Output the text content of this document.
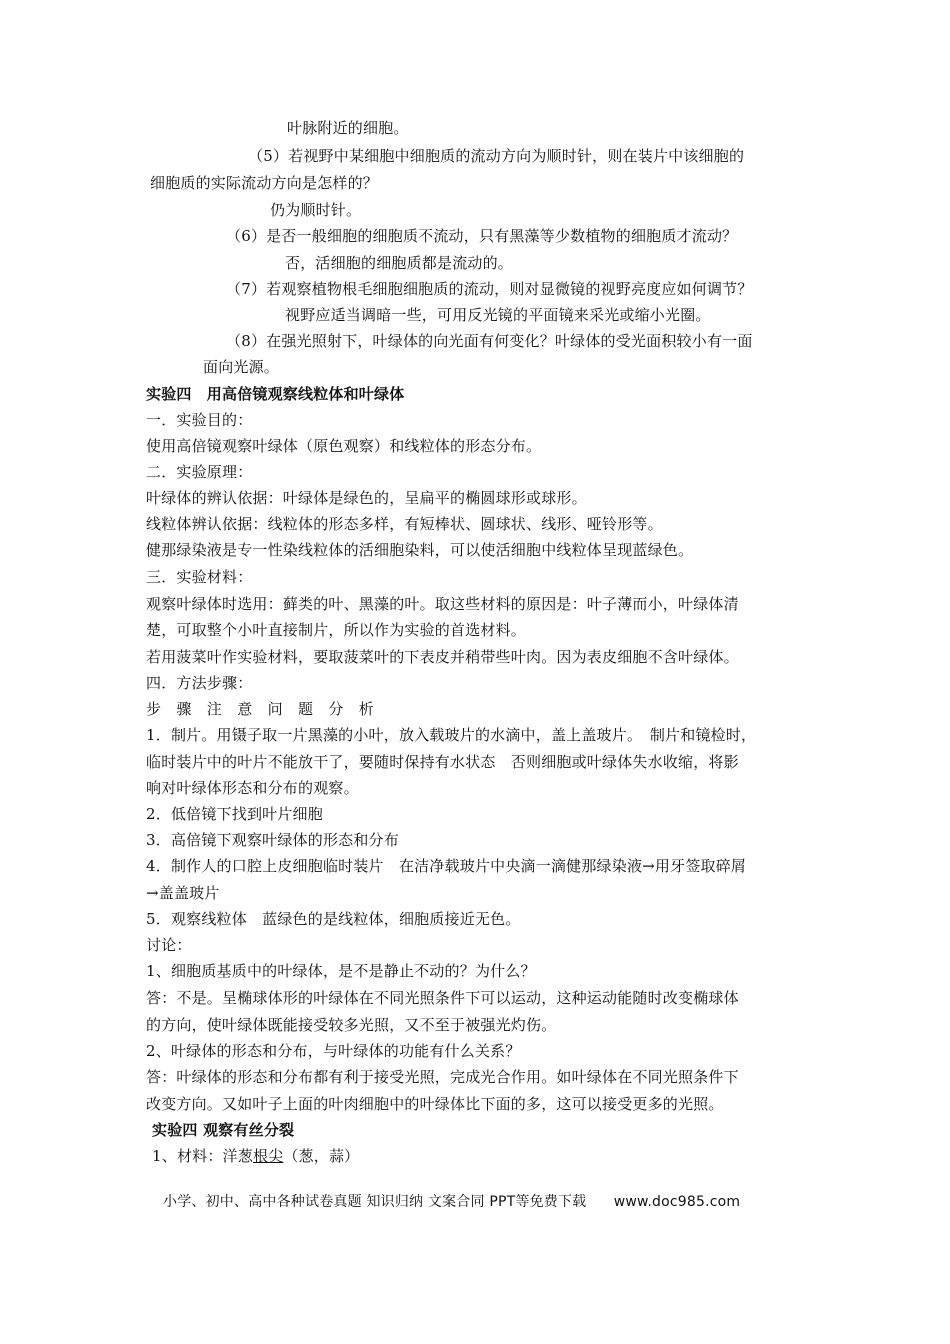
叶脉附近的细胞。
（5）若视野中某细胞中细胞质的流动方向为顺时针，则在装片中该细胞的
细胞质的实际流动方向是怎样的？
仍为顺时针。
（6）是否一般细胞的细胞质不流动，只有黑藻等少数植物的细胞质才流动？
否，活细胞的细胞质都是流动的。
（7）若观察植物根毛细胞细胞质的流动，则对显微镜的视野亮度应如何调节？
视野应适当调暗一些，可用反光镜的平面镜来采光或缩小光圈。
（8）在强光照射下，叶绿体的向光面有何变化？叶绿体的受光面积较小有一面
面向光源。
实验四　用高倍镜观察线粒体和叶绿体
一．实验目的：
使用高倍镜观察叶绿体（原色观察）和线粒体的形态分布。
二．实验原理：
叶绿体的辨认依据：叶绿体是绿色的，呈扁平的椭圆球形或球形。
线粒体辨认依据：线粒体的形态多样，有短棒状、圆球状、线形、哑铃形等。
健那绿染液是专一性染线粒体的活细胞染料，可以使活细胞中线粒体呈现蓝绿色。
三．实验材料：
观察叶绿体时选用：藓类的叶、黑藻的叶。取这些材料的原因是：叶子薄而小，叶绿体清
楚，可取整个小叶直接制片，所以作为实验的首选材料。
若用菠菜叶作实验材料，要取菠菜叶的下表皮并稍带些叶肉。因为表皮细胞不含叶绿体。
四．方法步骤：
步　骤　注　意　问　题　分　析
1．制片。用镊子取一片黑藻的小叶，放入载玻片的水滴中，盖上盖玻片。　制片和镜检时，
临时装片中的叶片不能放干了，要随时保持有水状态　否则细胞或叶绿体失水收缩，将影
响对叶绿体形态和分布的观察。
2．低倍镜下找到叶片细胞
3．高倍镜下观察叶绿体的形态和分布
4．制作人的口腔上皮细胞临时装片　在洁净载玻片中央滴一滴健那绿染液→用牙签取碎屑
→盖盖玻片
5．观察线粒体　蓝绿色的是线粒体，细胞质接近无色。
讨论：
1、细胞质基质中的叶绿体，是不是静止不动的？为什么？
答：不是。呈椭球体形的叶绿体在不同光照条件下可以运动，这种运动能随时改变椭球体
的方向，使叶绿体既能接受较多光照，又不至于被强光灼伤。
2、叶绿体的形态和分布，与叶绿体的功能有什么关系？
答：叶绿体的形态和分布都有利于接受光照，完成光合作用。如叶绿体在不同光照条件下
改变方向。又如叶子上面的叶肉细胞中的叶绿体比下面的多，这可以接受更多的光照。
实验四 观察有丝分裂
1、材料：洋葱根尖（葱，蒜）
小学、初中、高中各种试卷真题 知识归纳 文案合同 PPT等免费下载 www.doc985.com
